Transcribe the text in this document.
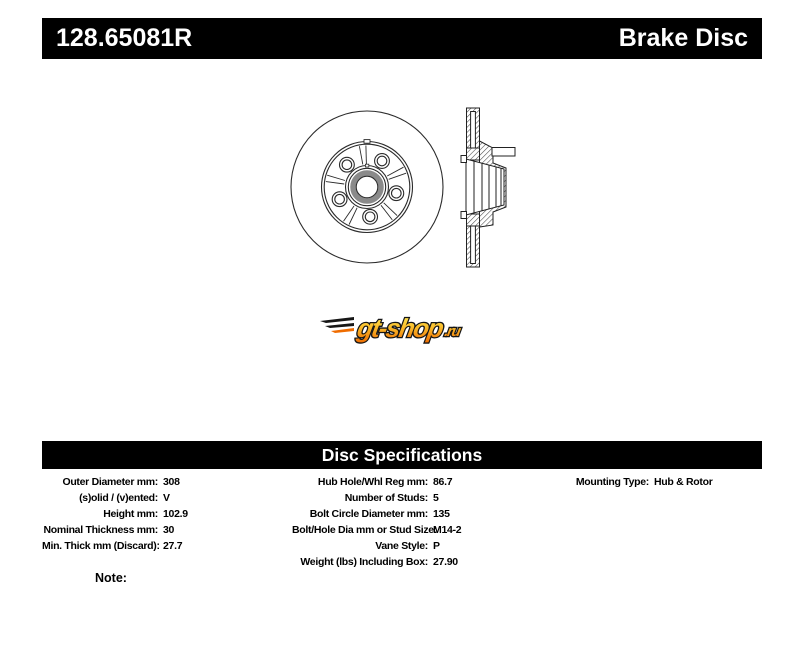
128.65081R	Brake Disc
gt-shop .ru
Disc Specifications
Outer Diameter mm: 308
(s)olid / (v)ented: V
Height mm: 102.9
Nominal Thickness mm: 30
Min. Thick mm (Discard): 27.7
Hub Hole/Whl Reg mm: 86.7
Number of Studs: 5
Bolt Circle Diameter mm: 135
Bolt/Hole Dia mm or Stud Size:
M14-2
Vane Style: P
Weight (lbs) Including Box: 27.90
Mounting Type: Hub & Rotor
Note:
